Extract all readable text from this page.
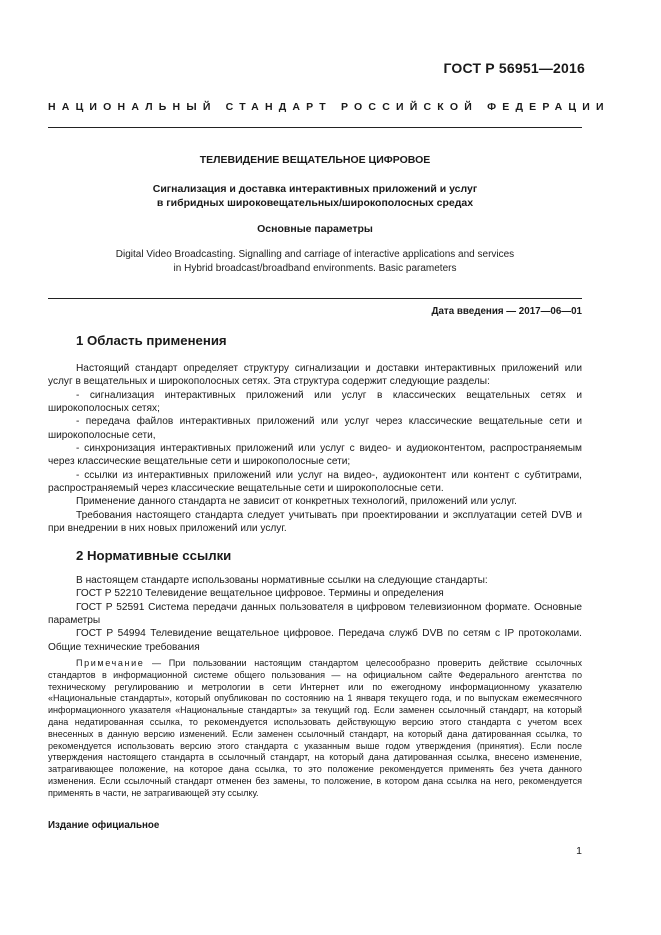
ГОСТ Р 56951—2016
НАЦИОНАЛЬНЫЙ СТАНДАРТ РОССИЙСКОЙ ФЕДЕРАЦИИ
ТЕЛЕВИДЕНИЕ ВЕЩАТЕЛЬНОЕ ЦИФРОВОЕ
Сигнализация и доставка интерактивных приложений и услуг
в гибридных широковещательных/широкополосных средах
Основные параметры
Digital Video Broadcasting. Signalling and carriage of interactive applications and services
in Hybrid broadcast/broadband environments. Basic parameters
Дата введения — 2017—06—01
1 Область применения

Настоящий стандарт определяет структуру сигнализации и доставки интерактивных приложений или услуг в вещательных и широкополосных сетях. Эта структура содержит следующие разделы:

- сигнализация интерактивных приложений или услуг в классических вещательных сетях и широкополосных сетях;

- передача файлов интерактивных приложений или услуг через классические вещательные сети и широкополосные сети,

- синхронизация интерактивных приложений или услуг с видео- и аудиоконтентом, распространяемым через классические вещательные сети и широкополосные сети;

- ссылки из интерактивных приложений или услуг на видео-, аудиоконтент или контент с субтитрами, распространяемый через классические вещательные сети и широкополосные сети.

Применение данного стандарта не зависит от конкретных технологий, приложений или услуг.

Требования настоящего стандарта следует учитывать при проектировании и эксплуатации сетей DVB и при внедрении в них новых приложений или услуг.

2 Нормативные ссылки

В настоящем стандарте использованы нормативные ссылки на следующие стандарты:

ГОСТ Р 52210 Телевидение вещательное цифровое. Термины и определения

ГОСТ Р 52591 Система передачи данных пользователя в цифровом телевизионном формате. Основные параметры

ГОСТ Р 54994 Телевидение вещательное цифровое. Передача служб DVB по сетям с IP протоколами. Общие технические требования

Примечание — При пользовании настоящим стандартом целесообразно проверить действие ссылочных стандартов в информационной системе общего пользования — на официальном сайте Федерального агентства по техническому регулированию и метрологии в сети Интернет или по ежегодному информационному указателю «Национальные стандарты», который опубликован по состоянию на 1 января текущего года, и по выпускам ежемесячного информационного указателя «Национальные стандарты» за текущий год. Если заменен ссылочный стандарт, на который дана недатированная ссылка, то рекомендуется использовать действующую версию этого стандарта с учетом всех внесенных в данную версию изменений. Если заменен ссылочный стандарт, на который дана датированная ссылка, то рекомендуется использовать версию этого стандарта с указанным выше годом утверждения (принятия). Если после утверждения настоящего стандарта в ссылочный стандарт, на который дана датированная ссылка, внесено изменение, затрагивающее положение, на которое дана ссылка, то это положение рекомендуется применять без учета данного изменения. Если ссылочный стандарт отменен без замены, то положение, в котором дана ссылка на него, рекомендуется применять в части, не затрагивающей эту ссылку.

Издание официальное
1
